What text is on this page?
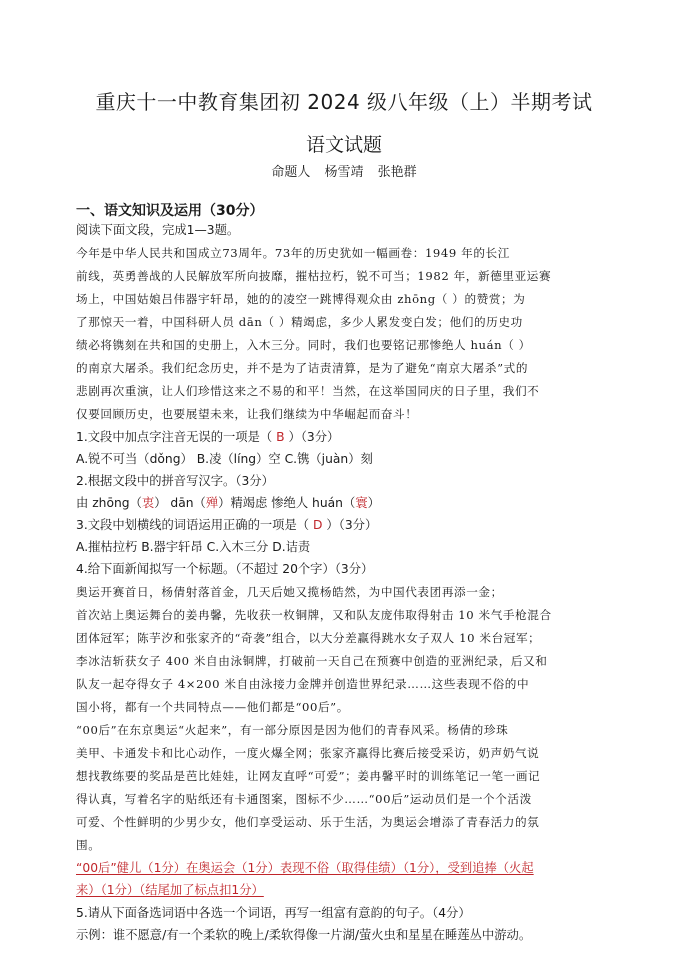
重庆十一中教育集团初 2024 级八年级（上）半期考试
语文试题
命题人 杨雪靖 张艳群
一、语文知识及运用（30分）
阅读下面文段，完成1—3题。
今年是中华人民共和国成立73周年。73年的历史犹如一幅画卷：1949 年的长江
前线，英勇善战的人民解放军所向披靡，摧枯拉朽，锐不可当；1982 年，新德里亚运赛
场上，中国姑娘吕伟器宇轩昂，她的的凌空一跳博得观众由 zhōng（ ）的赞赏；为
了那惊天一着，中国科研人员 dān（ ）精竭虑，多少人累发变白发；他们的历史功
绩必将镌刻在共和国的史册上，入木三分。同时，我们也要铭记那惨绝人 huán（ ）
的南京大屠杀。我们纪念历史，并不是为了诘责清算，是为了避免“南京大屠杀”式的
悲剧再次重演，让人们珍惜这来之不易的和平！当然，在这举国同庆的日子里，我们不
仅要回顾历史，也要展望未来，让我们继续为中华崛起而奋斗！
1.文段中加点字注音无误的一项是（ B ）（3分）
A.锐不可当（dǒng） B.凌（líng）空 C.镌（juàn）刻
2.根据文段中的拼音写汉字。（3分）
由 zhōng（衷） dān（殚）精竭虑 惨绝人 huán（寰）
3.文段中划横线的词语运用正确的一项是（ D ）（3分）
A.摧枯拉朽 B.器宇轩昂 C.入木三分 D.诘责
4.给下面新闻拟写一个标题。（不超过 20个字）（3分）
奥运开赛首日，杨倩射落首金，几天后她又揽杨皓然，为中国代表团再添一金；
首次站上奥运舞台的姜冉馨，先收获一枚铜牌，又和队友庞伟取得射击 10 米气手枪混合
团体冠军；陈芋汐和张家齐的“奇袭”组合，以大分差赢得跳水女子双人 10 米台冠军；
李冰洁斩获女子 400 米自由泳铜牌，打破前一天自己在预赛中创造的亚洲纪录，后又和
队友一起夺得女子 4×200 米自由泳接力金牌并创造世界纪录……这些表现不俗的中
国小将，都有一个共同特点——他们都是“00后”。
“00后”在东京奥运“火起来”，有一部分原因是因为他们的青春风采。杨倩的珍珠
美甲、卡通发卡和比心动作，一度火爆全网；张家齐赢得比赛后接受采访，奶声奶气说
想找教练要的奖品是芭比娃娃，让网友直呼“可爱”；姜冉馨平时的训练笔记一笔一画记
得认真，写着名字的贴纸还有卡通图案，图标不少……“00后”运动员们是一个个活泼
可爱、个性鲜明的少男少女，他们享受运动、乐于生活，为奥运会增添了青春活力的氛
围。
“00后”健儿（1分）在奥运会（1分）表现不俗（取得佳绩）（1分），受到追捧（火起
来）（1分）（结尾加了标点扣1分）
5.请从下面备选词语中各选一个词语，再写一组富有意韵的句子。（4分）
示例：谁不愿意/有一个柔软的晚上/柔软得像一片湖/萤火虫和星星在睡莲丛中游动。
